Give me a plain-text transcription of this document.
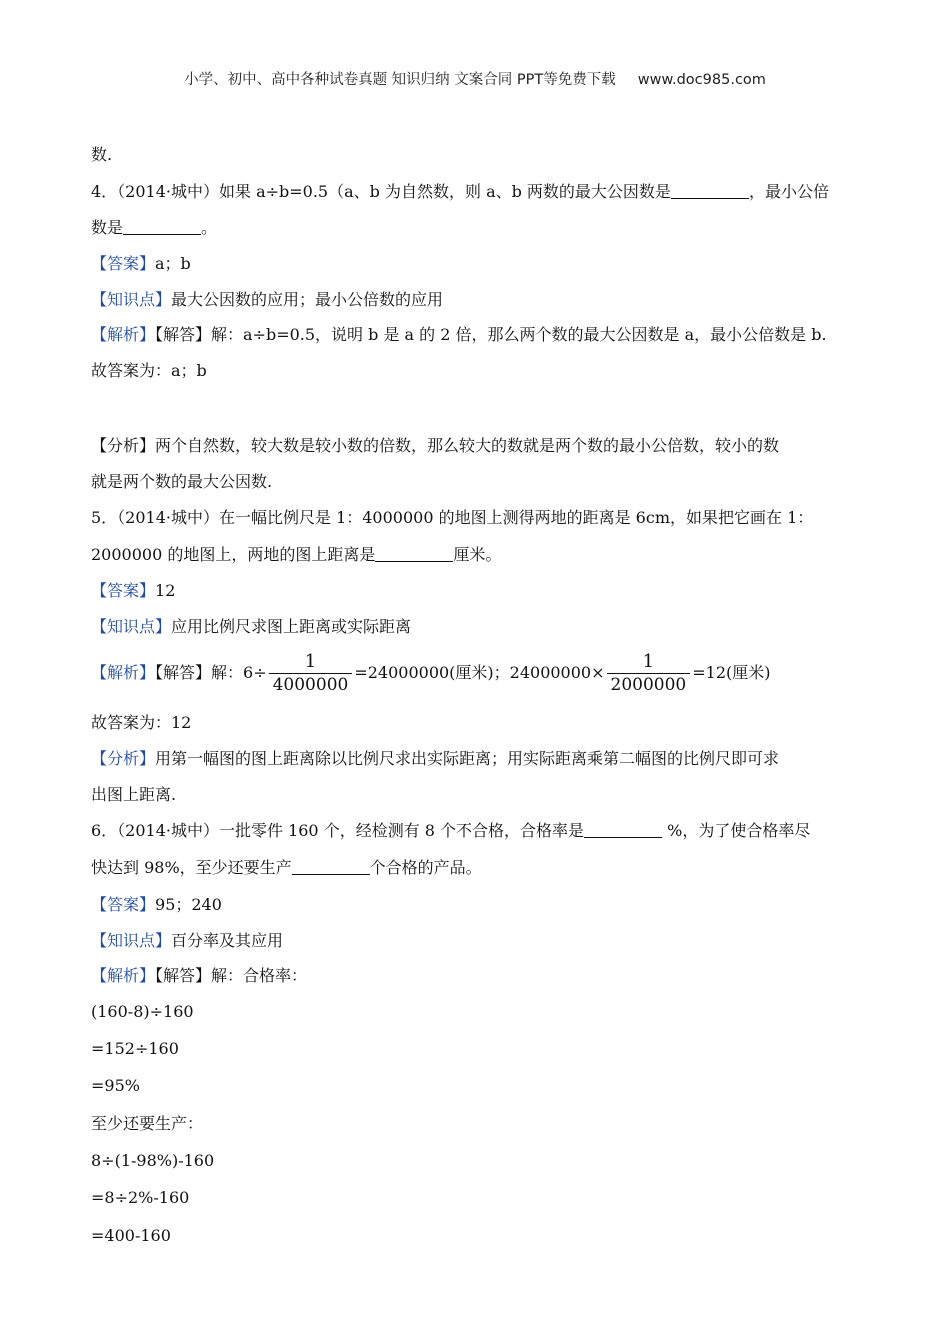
小学、初中、高中各种试卷真题 知识归纳 文案合同 PPT等免费下载 www.doc985.com
数.
4．（2014·城中）如果 a÷b=0.5（a、b 为自然数，则 a、b 两数的最大公因数是	，最小公倍
数是	。
【答案】a；b
【知识点】最大公因数的应用；最小公倍数的应用
【解析】【解答】解：a÷b=0.5，说明 b 是 a 的 2 倍，那么两个数的最大公因数是 a，最小公倍数是 b.
故答案为：a；b
【分析】两个自然数，较大数是较小数的倍数，那么较大的数就是两个数的最小公倍数，较小的数
就是两个数的最大公因数.
5．（2014·城中）在一幅比例尺是 1：4000000 的地图上测得两地的距离是 6cm，如果把它画在 1：
2000000 的地图上，两地的图上距离是	厘米。
【答案】12
【知识点】应用比例尺求图上距离或实际距离
【解析】【解答】解：$6\div \frac{1}{4000000} =24000000$(厘米)；$24000000\times \frac{1}{2000000} =12$(厘米)
故答案为：12
【分析】用第一幅图的图上距离除以比例尺求出实际距离；用实际距离乘第二幅图的比例尺即可求
出图上距离.
6．（2014·城中）一批零件 160 个，经检测有 8 个不合格，合格率是	%，为了使合格率尽
快达到 98%，至少还要生产	个合格的产品。
【答案】95；240
【知识点】百分率及其应用
【解析】【解答】解：合格率：
(160-8)÷160
=152÷160
=95%
至少还要生产：
8÷(1-98%)-160
=8÷2%-160
=400-160
